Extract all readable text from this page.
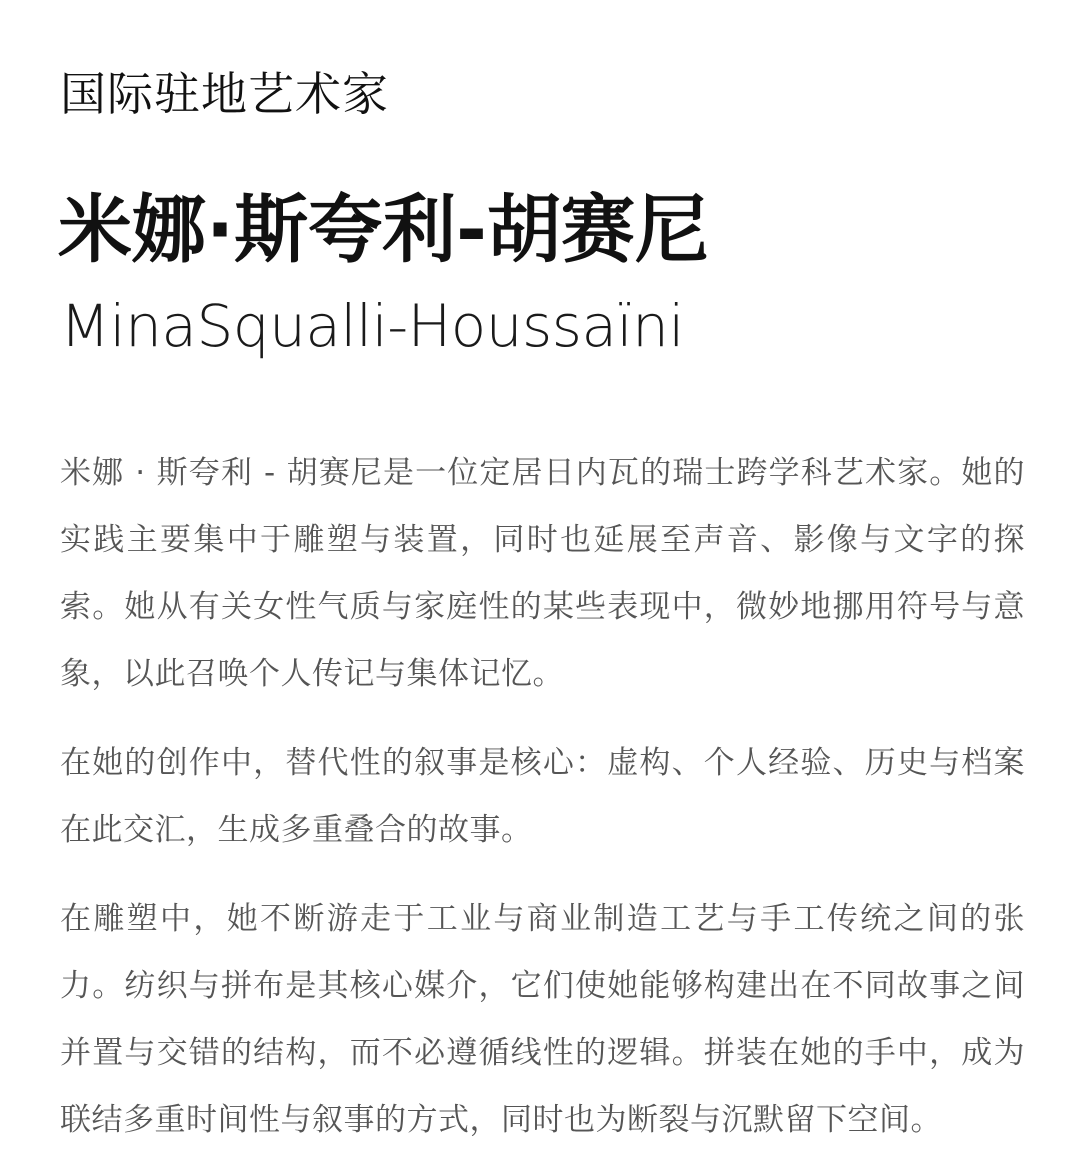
国际驻地艺术家
米娜·斯夸利-胡赛尼
MinaSqualli-Houssaïni

米娜 · 斯夸利 - 胡赛尼是一位定居日内瓦的瑞士跨学科艺术家。她的实践主要集中于雕塑与装置，同时也延展至声音、影像与文字的探索。她从有关女性气质与家庭性的某些表现中，微妙地挪用符号与意象，以此召唤个人传记与集体记忆。

在她的创作中，替代性的叙事是核心：虚构、个人经验、历史与档案在此交汇，生成多重叠合的故事。

在雕塑中，她不断游走于工业与商业制造工艺与手工传统之间的张力。纺织与拼布是其核心媒介，它们使她能够构建出在不同故事之间并置与交错的结构，而不必遵循线性的逻辑。拼装在她的手中，成为联结多重时间性与叙事的方式，同时也为断裂与沉默留下空间。
